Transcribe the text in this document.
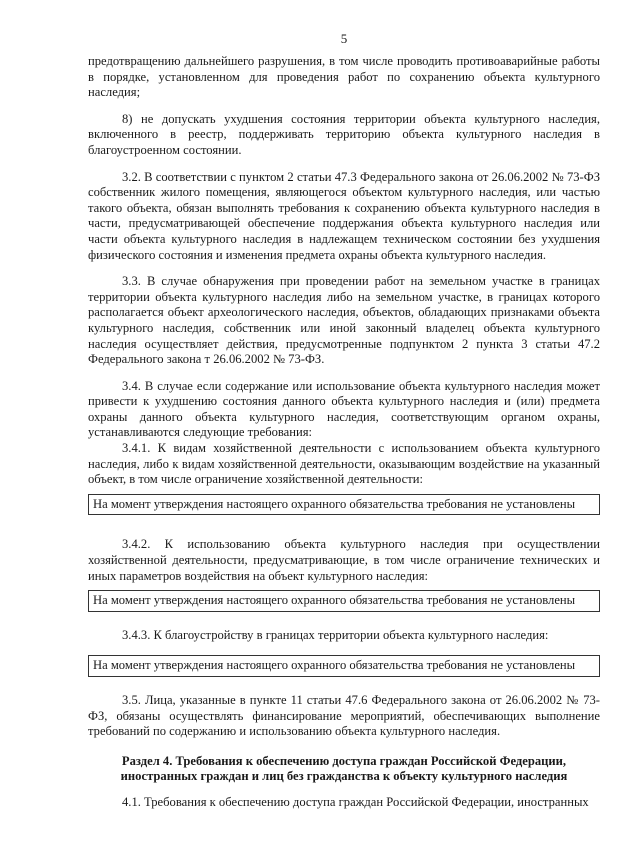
5

предотвращению дальнейшего разрушения, в том числе проводить противоаварийные работы в порядке, установленном для проведения работ по сохранению объекта культурного наследия;

8) не допускать ухудшения состояния территории объекта культурного наследия, включенного в реестр, поддерживать территорию объекта культурного наследия в благоустроенном состоянии.

3.2. В соответствии с пунктом 2 статьи 47.3 Федерального закона от 26.06.2002 № 73-ФЗ собственник жилого помещения, являющегося объектом культурного наследия, или частью такого объекта, обязан выполнять требования к сохранению объекта культурного наследия в части, предусматривающей обеспечение поддержания объекта культурного наследия или части объекта культурного наследия в надлежащем техническом состоянии без ухудшения физического состояния и изменения предмета охраны объекта культурного наследия.

3.3. В случае обнаружения при проведении работ на земельном участке в границах территории объекта культурного наследия либо на земельном участке, в границах которого располагается объект археологического наследия, объектов, обладающих признаками объекта культурного наследия, собственник или иной законный владелец объекта культурного наследия осуществляет действия, предусмотренные подпунктом 2 пункта 3 статьи 47.2 Федерального закона т 26.06.2002 № 73-ФЗ.

3.4. В случае если содержание или использование объекта культурного наследия может привести к ухудшению состояния данного объекта культурного наследия и (или) предмета охраны данного объекта культурного наследия, соответствующим органом охраны, устанавливаются следующие требования:

3.4.1. К видам хозяйственной деятельности с использованием объекта культурного наследия, либо к видам хозяйственной деятельности, оказывающим воздействие на указанный объект, в том числе ограничение хозяйственной деятельности:

На момент утверждения настоящего охранного обязательства требования не установлены

3.4.2. К использованию объекта культурного наследия при осуществлении хозяйственной деятельности, предусматривающие, в том числе ограничение технических и иных параметров воздействия на объект культурного наследия:

На момент утверждения настоящего охранного обязательства требования не установлены

3.4.3. К благоустройству в границах территории объекта культурного наследия:

На момент утверждения настоящего охранного обязательства требования не установлены

3.5. Лица, указанные в пункте 11 статьи 47.6 Федерального закона от 26.06.2002 № 73-ФЗ, обязаны осуществлять финансирование мероприятий, обеспечивающих выполнение требований по содержанию и использованию объекта культурного наследия.

Раздел 4. Требования к обеспечению доступа граждан Российской Федерации, иностранных граждан и лиц без гражданства к объекту культурного наследия

4.1. Требования к обеспечению доступа граждан Российской Федерации, иностранных
